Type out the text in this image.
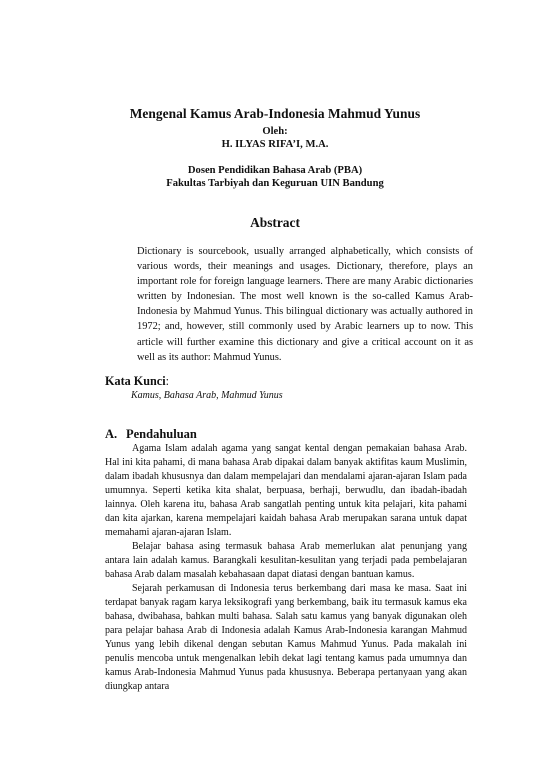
Mengenal Kamus Arab-Indonesia Mahmud Yunus
Oleh:
H. ILYAS RIFA’I, M.A.
Dosen Pendidikan Bahasa Arab (PBA)
Fakultas Tarbiyah dan Keguruan UIN Bandung
Abstract

Dictionary is sourcebook, usually arranged alphabetically, which consists of various words, their meanings and usages. Dictionary, therefore, plays an important role for foreign language learners. There are many Arabic dictionaries written by Indonesian. The most well known is the so-called Kamus Arab-Indonesia by Mahmud Yunus. This bilingual dictionary was actually authored in 1972; and, however, still commonly used by Arabic learners up to now. This article will further examine this dictionary and give a critical account on it as well as its author: Mahmud Yunus.

Kata Kunci:
Kamus, Bahasa Arab, Mahmud Yunus
A. Pendahuluan

Agama Islam adalah agama yang sangat kental dengan pemakaian bahasa Arab. Hal ini kita pahami, di mana bahasa Arab dipakai dalam banyak aktifitas kaum Muslimin, dalam ibadah khususnya dan dalam mempelajari dan mendalami ajaran-ajaran Islam pada umumnya. Seperti ketika kita shalat, berpuasa, berhaji, berwudlu, dan ibadah-ibadah lainnya. Oleh karena itu, bahasa Arab sangatlah penting untuk kita pelajari, kita pahami dan kita ajarkan, karena mempelajari kaidah bahasa Arab merupakan sarana untuk dapat memahami ajaran-ajaran Islam.

Belajar bahasa asing termasuk bahasa Arab memerlukan alat penunjang yang antara lain adalah kamus. Barangkali kesulitan-kesulitan yang terjadi pada pembelajaran bahasa Arab dalam masalah kebahasaan dapat diatasi dengan bantuan kamus.

Sejarah perkamusan di Indonesia terus berkembang dari masa ke masa. Saat ini terdapat banyak ragam karya leksikografi yang berkembang, baik itu termasuk kamus eka bahasa, dwibahasa, bahkan multi bahasa. Salah satu kamus yang banyak digunakan oleh para pelajar bahasa Arab di Indonesia adalah Kamus Arab-Indonesia karangan Mahmud Yunus yang lebih dikenal dengan sebutan Kamus Mahmud Yunus. Pada makalah ini penulis mencoba untuk mengenalkan lebih dekat lagi tentang kamus pada umumnya dan kamus Arab-Indonesia Mahmud Yunus pada khususnya. Beberapa pertanyaan yang akan diungkap antara
